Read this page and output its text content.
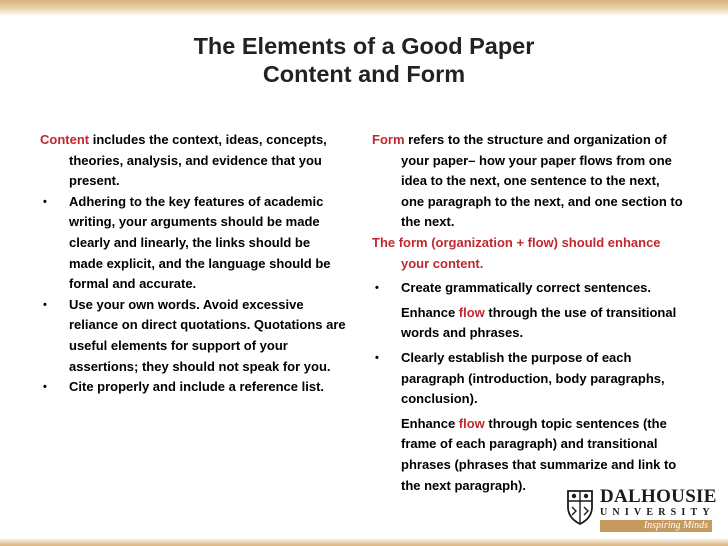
The Elements of a Good Paper
Content and Form

Content includes the context, ideas, concepts, theories, analysis, and evidence that you present.

• Adhering to the key features of academic writing, your arguments should be made clearly and linearly, the links should be made explicit, and the language should be formal and accurate.

• Use your own words. Avoid excessive reliance on direct quotations. Quotations are useful elements for support of your assertions; they should not speak for you.

• Cite properly and include a reference list.

Form refers to the structure and organization of your paper– how your paper flows from one idea to the next, one sentence to the next, one paragraph to the next, and one section to the next.

The form (organization + flow) should enhance your content.

• Create grammatically correct sentences.

Enhance flow through the use of transitional words and phrases.

• Clearly establish the purpose of each paragraph (introduction, body paragraphs, conclusion).

Enhance flow through topic sentences (the frame of each paragraph) and transitional phrases (phrases that summarize and link to the next paragraph).

DALHOUSIE
UNIVERSITY
Inspiring Minds
